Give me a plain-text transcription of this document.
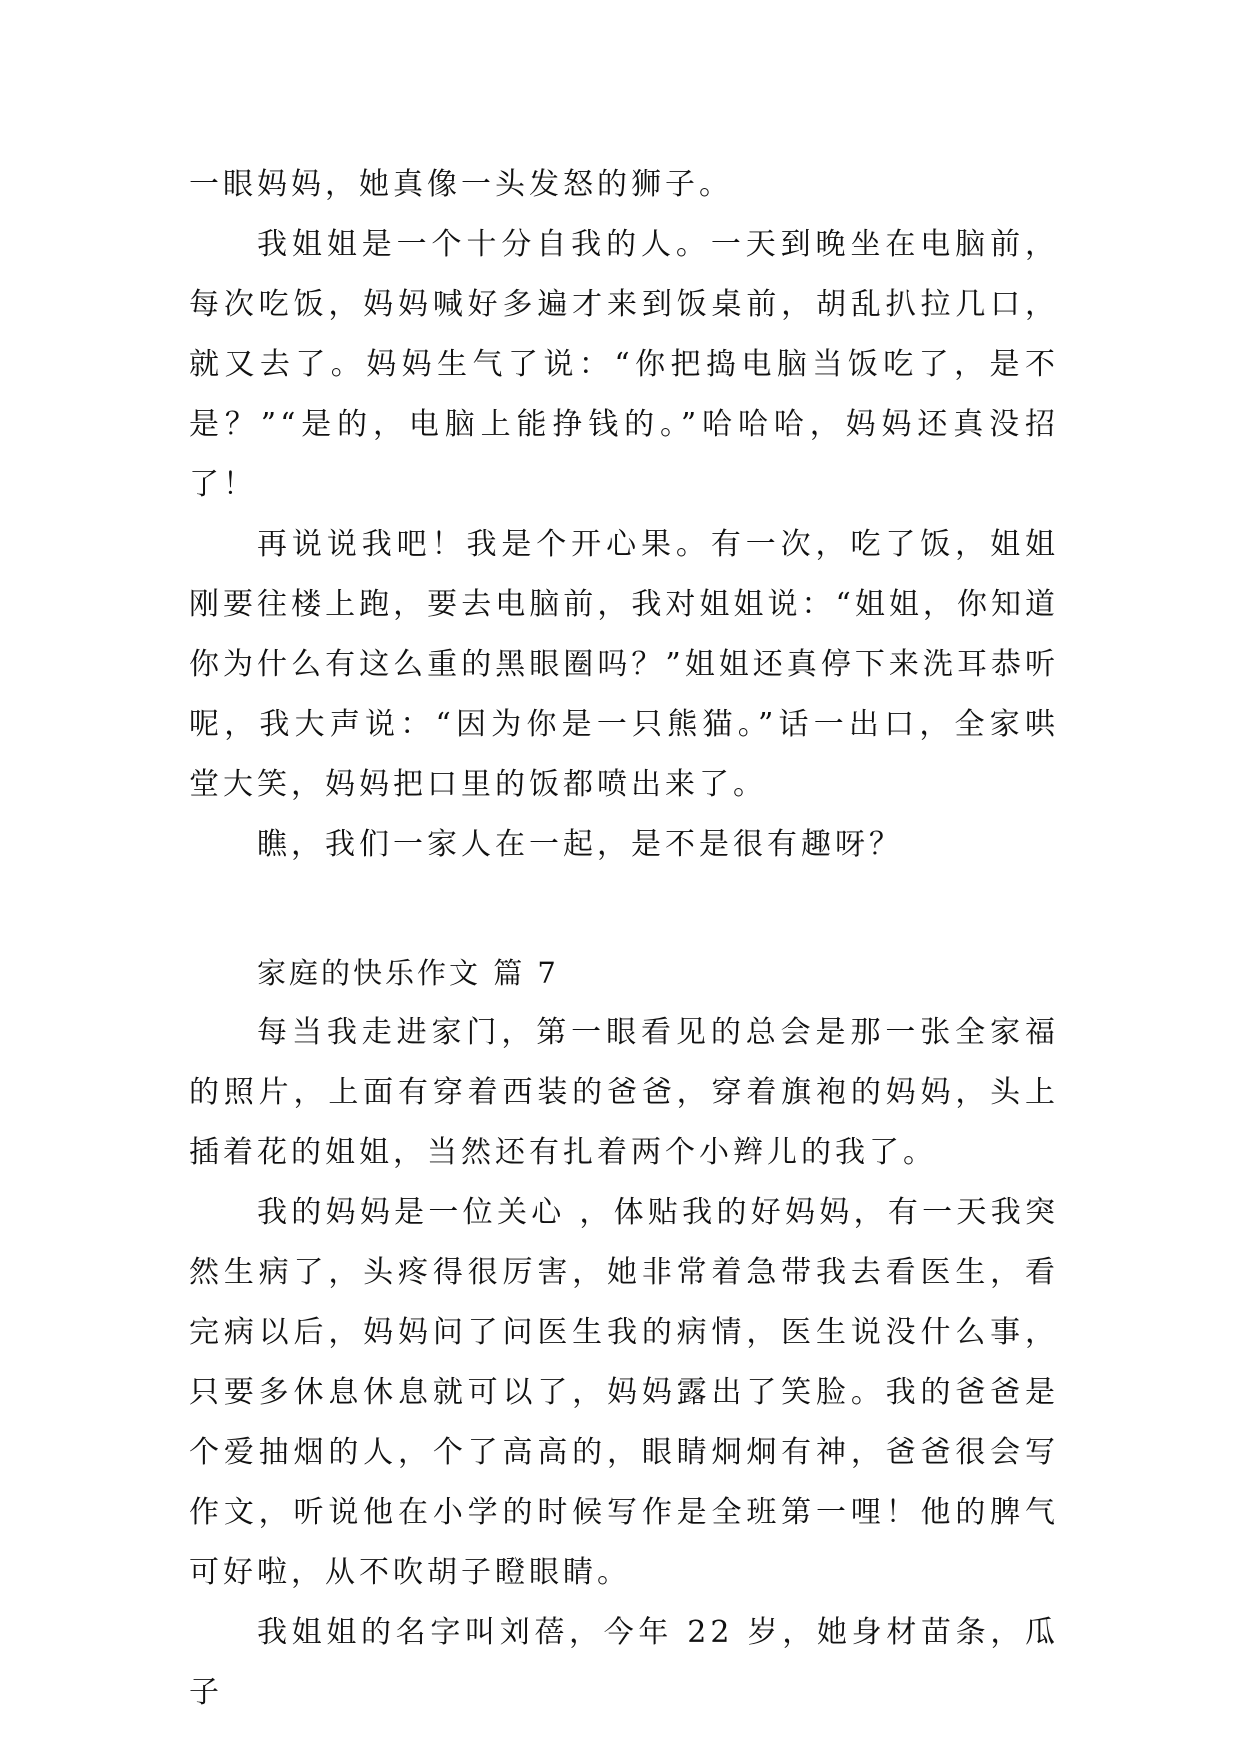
一眼妈妈，她真像一头发怒的狮子。

我姐姐是一个十分自我的人。一天到晚坐在电脑前，每次吃饭，妈妈喊好多遍才来到饭桌前，胡乱扒拉几口，就又去了。妈妈生气了说：“你把捣电脑当饭吃了，是不是？”“是的，电脑上能挣钱的。”哈哈哈，妈妈还真没招了！

再说说我吧！我是个开心果。有一次，吃了饭，姐姐刚要往楼上跑，要去电脑前，我对姐姐说：“姐姐，你知道你为什么有这么重的黑眼圈吗？”姐姐还真停下来洗耳恭听呢，我大声说：“因为你是一只熊猫。”话一出口，全家哄堂大笑，妈妈把口里的饭都喷出来了。

瞧，我们一家人在一起，是不是很有趣呀？

家庭的快乐作文 篇 7

每当我走进家门，第一眼看见的总会是那一张全家福的照片，上面有穿着西装的爸爸，穿着旗袍的妈妈，头上插着花的姐姐，当然还有扎着两个小辫儿的我了。

我的妈妈是一位关心 ，体贴我的好妈妈，有一天我突然生病了，头疼得很厉害，她非常着急带我去看医生，看完病以后，妈妈问了问医生我的病情，医生说没什么事，只要多休息休息就可以了，妈妈露出了笑脸。我的爸爸是个爱抽烟的人，个了高高的，眼睛炯炯有神，爸爸很会写作文，听说他在小学的时候写作是全班第一哩！他的脾气可好啦，从不吹胡子瞪眼睛。

我姐姐的名字叫刘蓓，今年 22 岁，她身材苗条，瓜子
